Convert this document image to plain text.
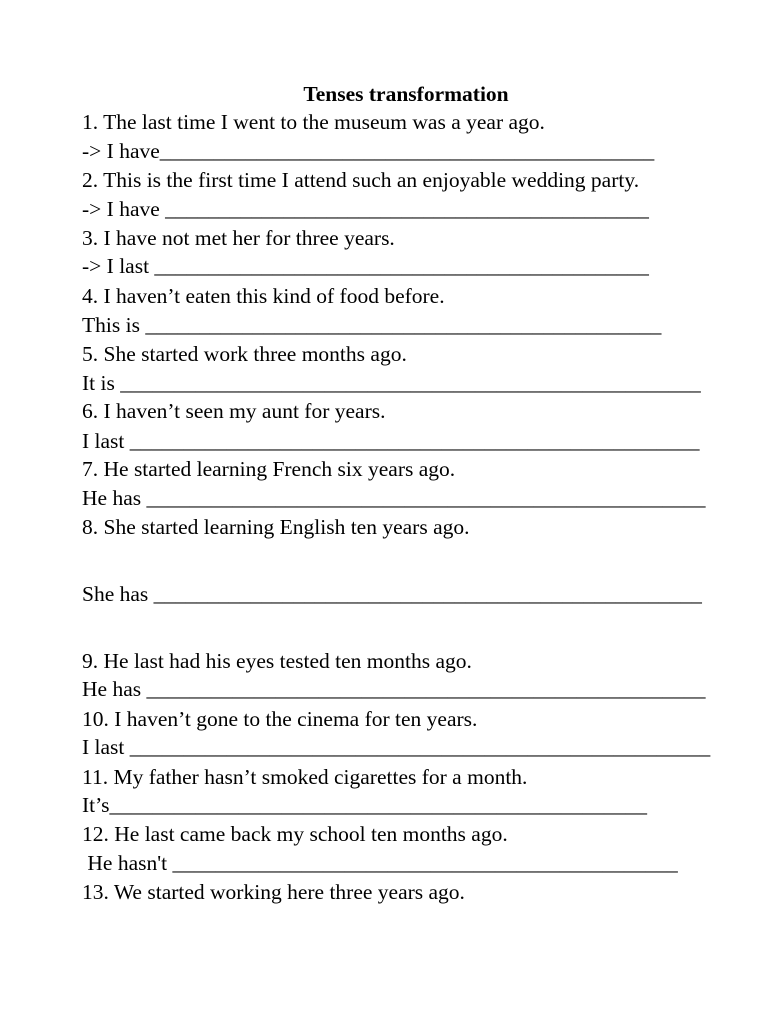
Tenses transformation

1. The last time I went to the museum was a year ago.

-> I have______________________________________________

2. This is the first time I attend such an enjoyable wedding party.

-> I have _____________________________________________

3. I have not met her for three years.

-> I last ______________________________________________

4. I haven’t eaten this kind of food before.

This is ________________________________________________

5. She started work three months ago.

It is ______________________________________________________

6. I haven’t seen my aunt for years.

I last _____________________________________________________

7. He started learning French six years ago.

He has ____________________________________________________

8. She started learning English ten years ago.

She has ___________________________________________________

9. He last had his eyes tested ten months ago.

He has ____________________________________________________

10. I haven’t gone to the cinema for ten years.

I last ______________________________________________________

11. My father hasn’t smoked cigarettes for a month.

It’s__________________________________________________

12. He last came back my school ten months ago.

He hasn't _______________________________________________

13. We started working here three years ago.
